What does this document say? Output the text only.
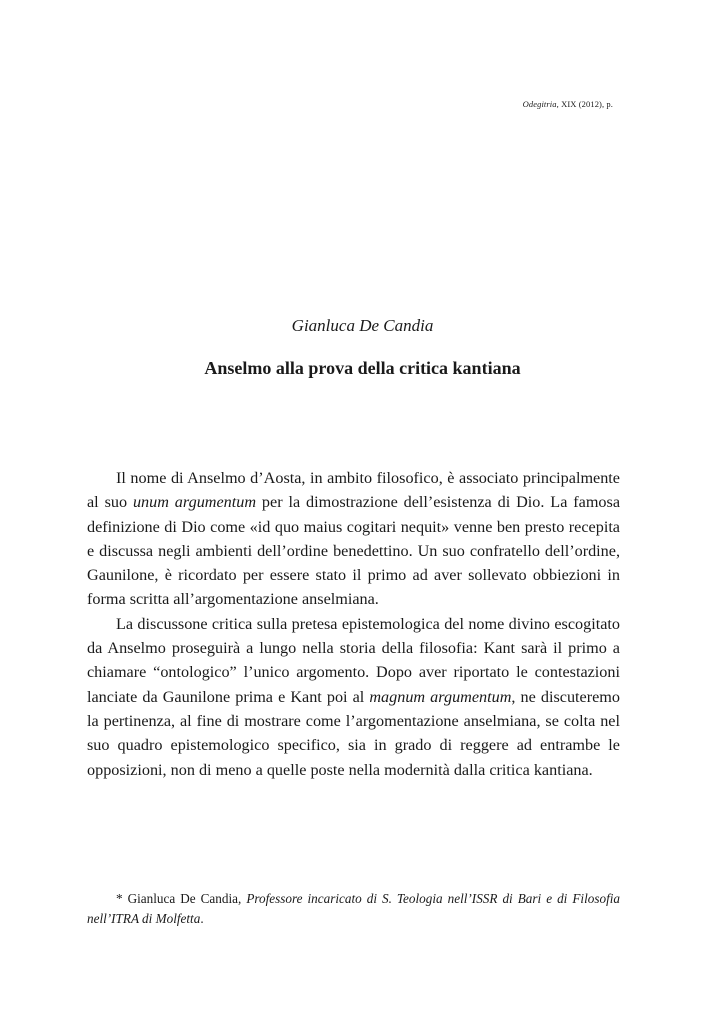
Odegitria, XIX (2012), p.
Gianluca De Candia
Anselmo alla prova della critica kantiana

Il nome di Anselmo d’Aosta, in ambito filosofico, è associato principalmente al suo unum argumentum per la dimostrazione dell’esistenza di Dio. La famosa definizione di Dio come «id quo maius cogitari nequit» venne ben presto recepita e discussa negli ambienti dell’ordine benedettino. Un suo confratello dell’ordine, Gaunilone, è ricordato per essere stato il primo ad aver sollevato obbiezioni in forma scritta all’argomentazione anselmiana.

La discussone critica sulla pretesa epistemologica del nome divino escogitato da Anselmo proseguirà a lungo nella storia della filosofia: Kant sarà il primo a chiamare “ontologico” l’unico argomento. Dopo aver riportato le contestazioni lanciate da Gaunilone prima e Kant poi al magnum argumentum, ne discuteremo la pertinenza, al fine di mostrare come l’argomentazione anselmiana, se colta nel suo quadro epistemologico specifico, sia in grado di reggere ad entrambe le opposizioni, non di meno a quelle poste nella modernità dalla critica kantiana.

* Gianluca De Candia, Professore incaricato di S. Teologia nell’ISSR di Bari e di Filosofia nell’ITRA di Molfetta.
